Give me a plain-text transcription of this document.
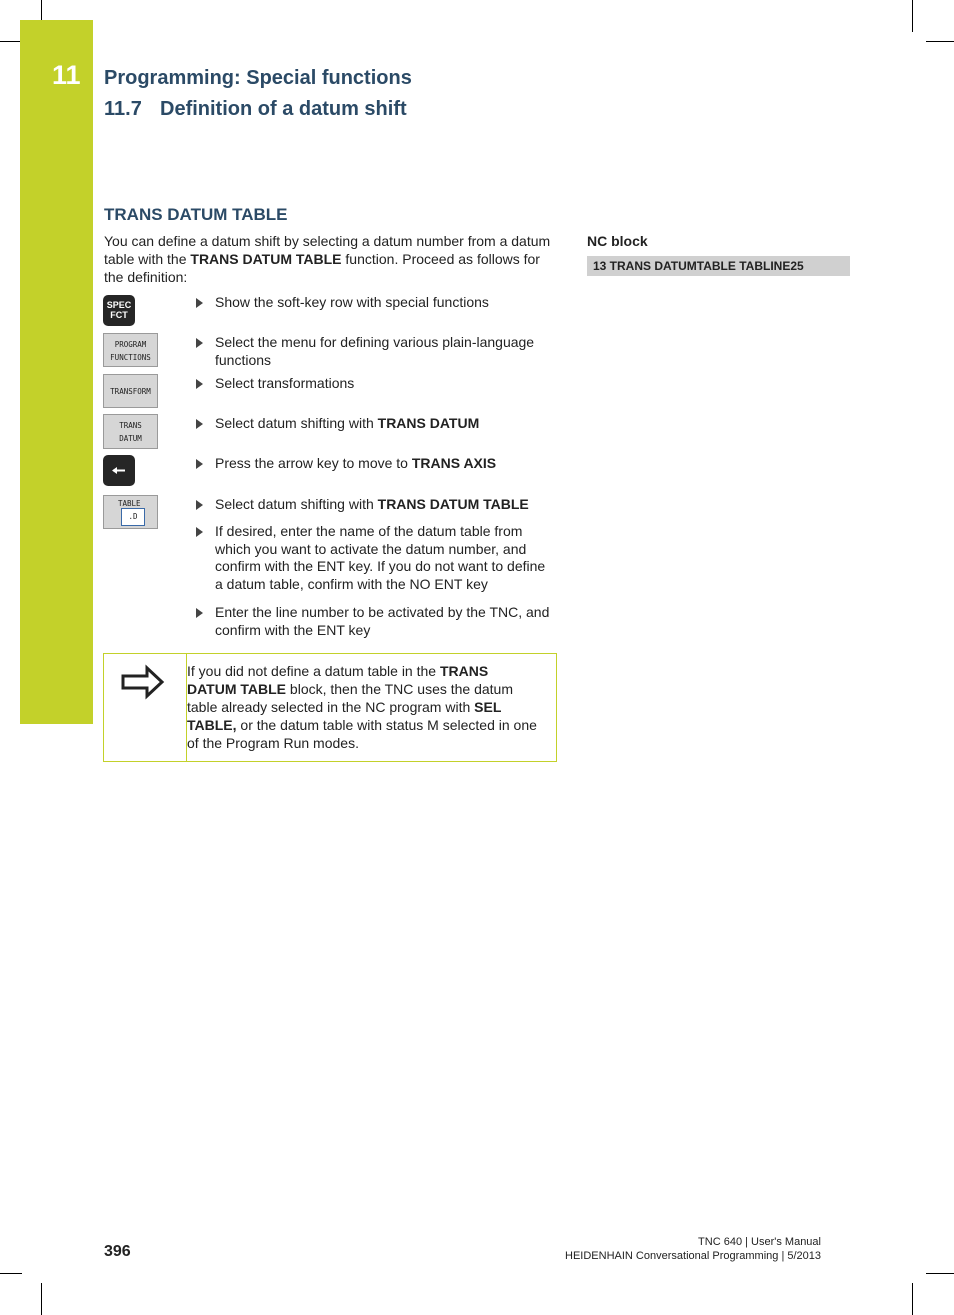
11 Programming: Special functions
11.7 Definition of a datum shift
TRANS DATUM TABLE
You can define a datum shift by selecting a datum number from a datum table with the TRANS DATUM TABLE function. Proceed as follows for the definition:
SPEC
FCT
PROGRAM
FUNCTIONS
TRANSFORM
TRANS
DATUM
TABLE
.D
Show the soft-key row with special functions
Select the menu for defining various plain-language functions
Select transformations
Select datum shifting with TRANS DATUM
Press the arrow key to move to TRANS AXIS
Select datum shifting with TRANS DATUM TABLE
If desired, enter the name of the datum table from which you want to activate the datum number, and confirm with the ENT key. If you do not want to define a datum table, confirm with the NO ENT key
Enter the line number to be activated by the TNC, and confirm with the ENT key
If you did not define a datum table in the TRANS DATUM TABLE block, then the TNC uses the datum table already selected in the NC program with SEL TABLE, or the datum table with status M selected in one of the Program Run modes.
NC block
13 TRANS DATUMTABLE TABLINE25
396
TNC 640 | User's Manual
HEIDENHAIN Conversational Programming | 5/2013
